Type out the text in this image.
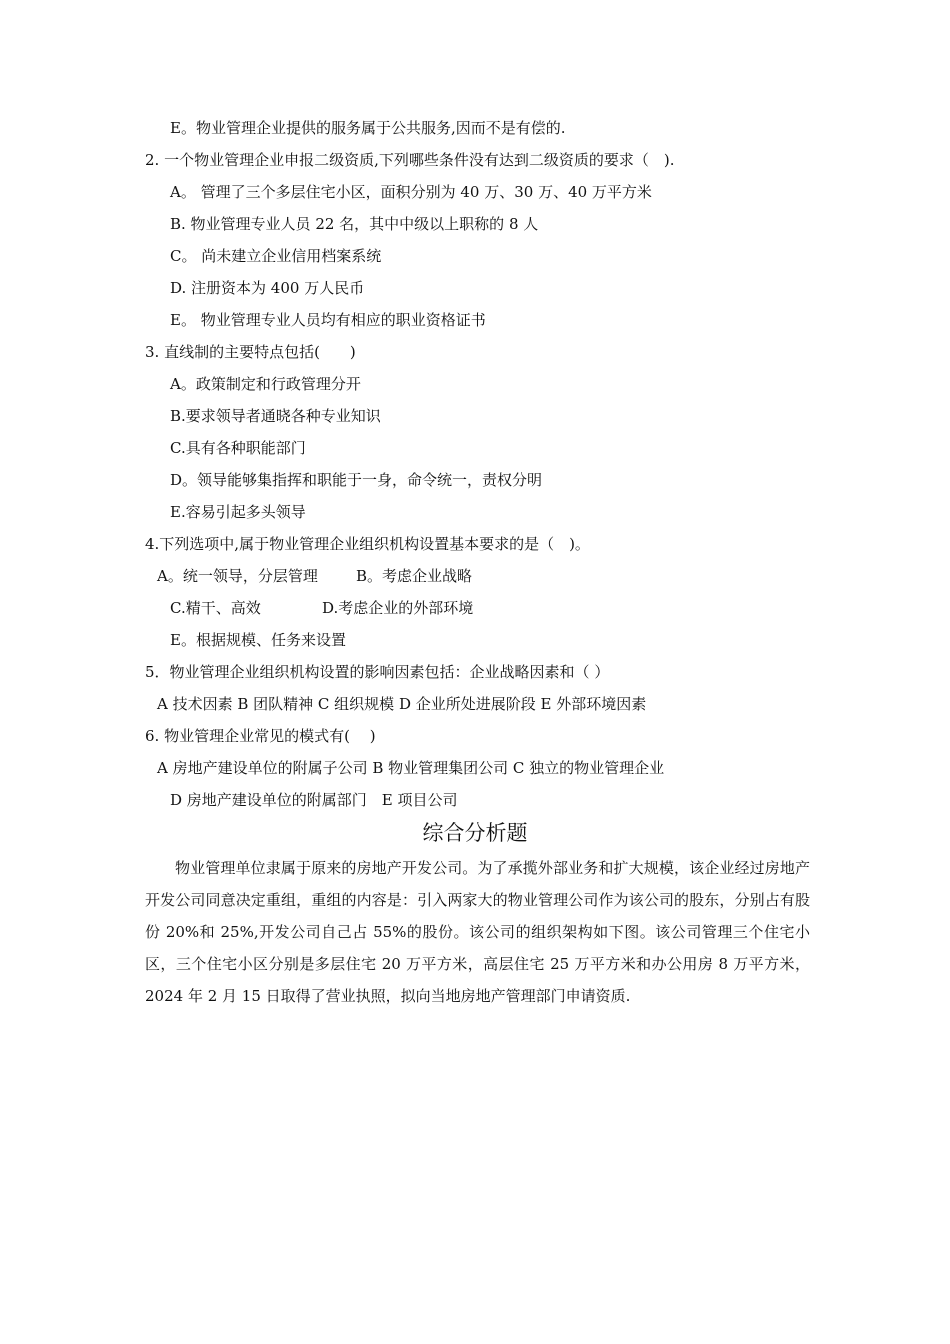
E。物业管理企业提供的服务属于公共服务,因而不是有偿的.
2. 一个物业管理企业申报二级资质,下列哪些条件没有达到二级资质的要求（　).
A。 管理了三个多层住宅小区，面积分别为 40 万、30 万、40 万平方米
B. 物业管理专业人员 22 名，其中中级以上职称的 8 人
C。 尚未建立企业信用档案系统
D. 注册资本为 400 万人民币
E。 物业管理专业人员均有相应的职业资格证书
3. 直线制的主要特点包括(　　)
A。政策制定和行政管理分开
B.要求领导者通晓各种专业知识
C.具有各种职能部门
D。领导能够集指挥和职能于一身，命令统一，责权分明
E.容易引起多头领导
4.下列选项中,属于物业管理企业组织机构设置基本要求的是（　)。
A。统一领导，分层管理	B。考虑企业战略
C.精干、高效	D.考虑企业的外部环境
E。根据规模、任务来设置
5．物业管理企业组织机构设置的影响因素包括：企业战略因素和（ ）
A 技术因素 B 团队精神 C 组织规模 D 企业所处进展阶段 E 外部环境因素
6. 物业管理企业常见的模式有(　 )
A 房地产建设单位的附属子公司 B 物业管理集团公司 C 独立的物业管理企业
D 房地产建设单位的附属部门　E 项目公司
综合分析题

物业管理单位隶属于原来的房地产开发公司。为了承揽外部业务和扩大规模，该企业经过房地产开发公司同意决定重组，重组的内容是：引入两家大的物业管理公司作为该公司的股东，分别占有股份 20%和 25%,开发公司自己占 55%的股份。该公司的组织架构如下图。该公司管理三个住宅小区，三个住宅小区分别是多层住宅 20 万平方米，高层住宅 25 万平方米和办公用房 8 万平方米，2024 年 2 月 15 日取得了营业执照，拟向当地房地产管理部门申请资质.
